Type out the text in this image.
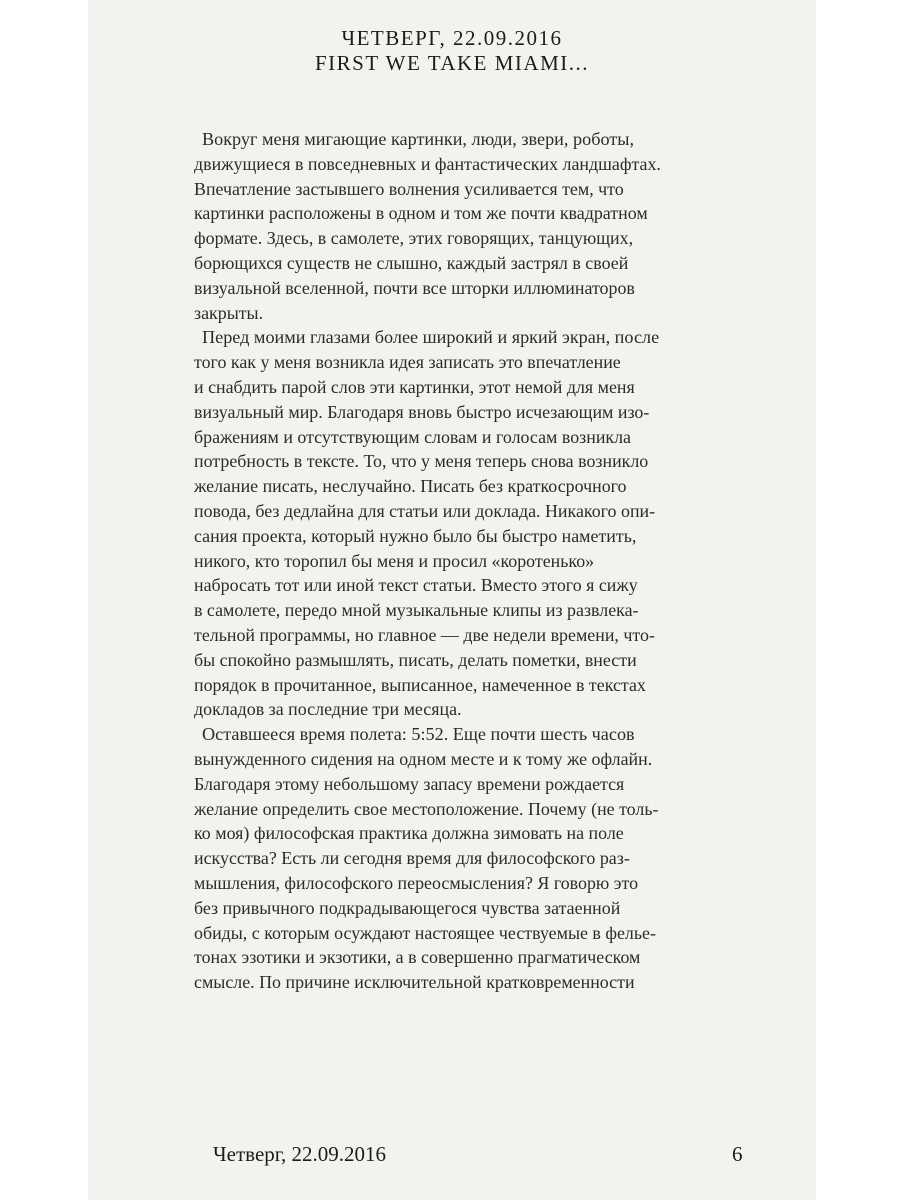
ЧЕТВЕРГ, 22.09.2016
FIRST WE TAKE MIAMI...
Вокруг меня мигающие картинки, люди, звери, роботы,
движущиеся в повседневных и фантастических ландшафтах.
Впечатление застывшего волнения усиливается тем, что
картинки расположены в одном и том же почти квадратном
формате. Здесь, в самолете, этих говорящих, танцующих,
борющихся существ не слышно, каждый застрял в своей
визуальной вселенной, почти все шторки иллюминаторов
закрыты.
Перед моими глазами более широкий и яркий экран, после
того как у меня возникла идея записать это впечатление
и снабдить парой слов эти картинки, этот немой для меня
визуальный мир. Благодаря вновь быстро исчезающим изо-
бражениям и отсутствующим словам и голосам возникла
потребность в тексте. То, что у меня теперь снова возникло
желание писать, неслучайно. Писать без краткосрочного
повода, без дедлайна для статьи или доклада. Никакого опи-
сания проекта, который нужно было бы быстро наметить,
никого, кто торопил бы меня и просил «коротенько»
набросать тот или иной текст статьи. Вместо этого я сижу
в самолете, передо мной музыкальные клипы из развлека-
тельной программы, но главное — две недели времени, что-
бы спокойно размышлять, писать, делать пометки, внести
порядок в прочитанное, выписанное, намеченное в текстах
докладов за последние три месяца.
Оставшееся время полета: 5:52. Еще почти шесть часов
вынужденного сидения на одном месте и к тому же офлайн.
Благодаря этому небольшому запасу времени рождается
желание определить свое местоположение. Почему (не толь-
ко моя) философская практика должна зимовать на поле
искусства? Есть ли сегодня время для философского раз-
мышления, философского переосмысления? Я говорю это
без привычного подкрадывающегося чувства затаенной
обиды, с которым осуждают настоящее чествуемые в фелье-
тонах эзотики и экзотики, а в совершенно прагматическом
смысле. По причине исключительной кратковременности
Четверг, 22.09.2016	6
